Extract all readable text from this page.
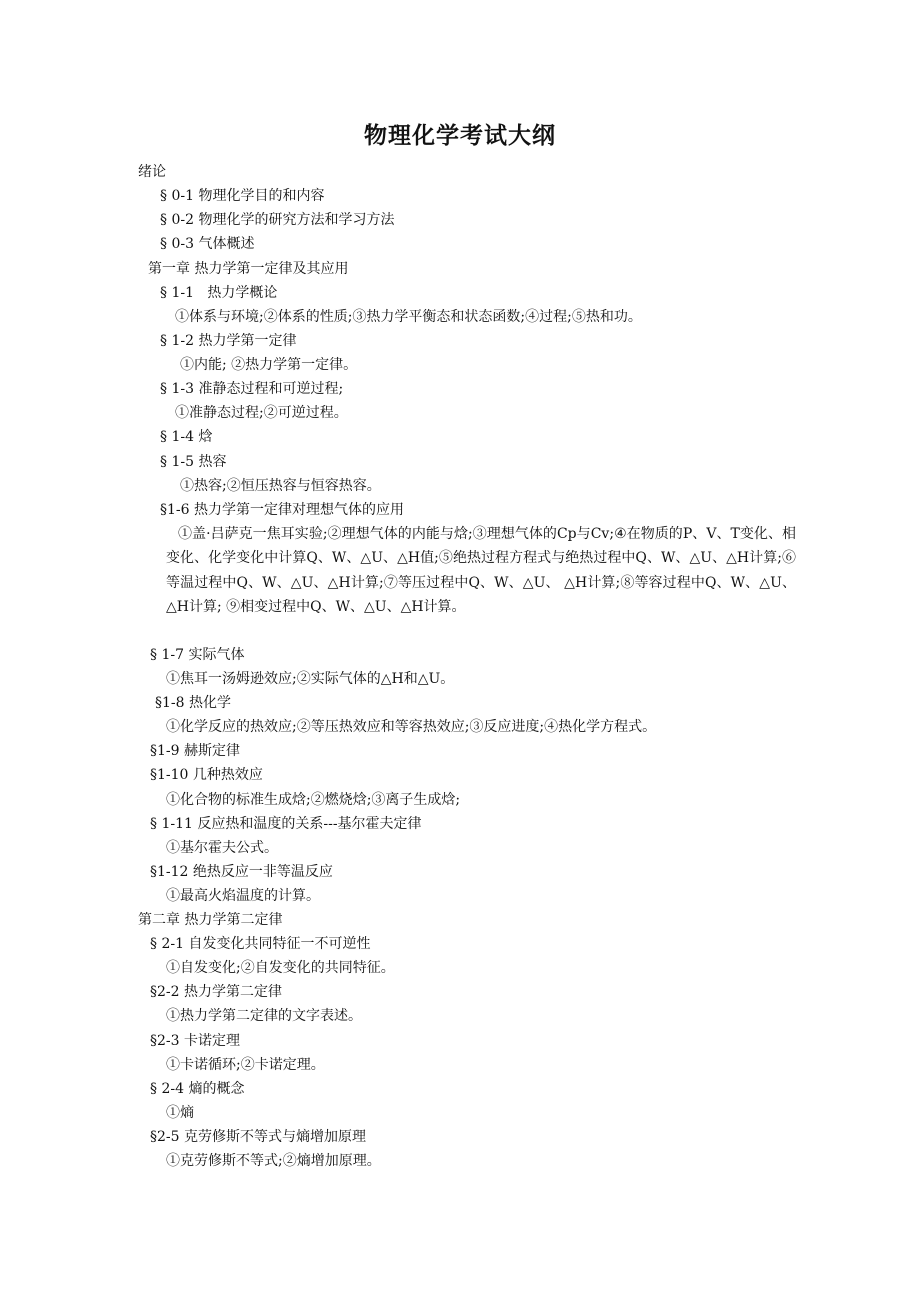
物理化学考试大纲
绪论
§ 0-1 物理化学目的和内容
§ 0-2 物理化学的研究方法和学习方法
§ 0-3 气体概述
第一章 热力学第一定律及其应用
§ 1-1   热力学概论
①体系与环境;②体系的性质;③热力学平衡态和状态函数;④过程;⑤热和功。
§ 1-2 热力学第一定律
①内能; ②热力学第一定律。
§ 1-3 准静态过程和可逆过程;
①准静态过程;②可逆过程。
§ 1-4 焓
§ 1-5 热容
①热容;②恒压热容与恒容热容。
§1-6 热力学第一定律对理想气体的应用
①盖·吕萨克一焦耳实验;②理想气体的内能与焓;③理想气体的Cp与Cv;④在物质的P、V、T变化、相变化、化学变化中计算Q、W、△U、△H值;⑤绝热过程方程式与绝热过程中Q、W、△U、△H计算;⑥等温过程中Q、W、△U、△H计算;⑦等压过程中Q、W、△U、 △H计算;⑧等容过程中Q、W、△U、△H计算; ⑨相变过程中Q、W、△U、△H计算。
§ 1-7 实际气体
①焦耳一汤姆逊效应;②实际气体的△H和△U。
§1-8 热化学
①化学反应的热效应;②等压热效应和等容热效应;③反应进度;④热化学方程式。
§1-9 赫斯定律
§1-10 几种热效应
①化合物的标准生成焓;②燃烧焓;③离子生成焓;
§ 1-11 反应热和温度的关系---基尔霍夫定律
①基尔霍夫公式。
§1-12 绝热反应一非等温反应
①最高火焰温度的计算。
第二章 热力学第二定律
§ 2-1 自发变化共同特征一不可逆性
①自发变化;②自发变化的共同特征。
§2-2 热力学第二定律
①热力学第二定律的文字表述。
§2-3 卡诺定理
①卡诺循环;②卡诺定理。
§ 2-4 熵的概念
①熵
§2-5 克劳修斯不等式与熵增加原理
①克劳修斯不等式;②熵增加原理。
